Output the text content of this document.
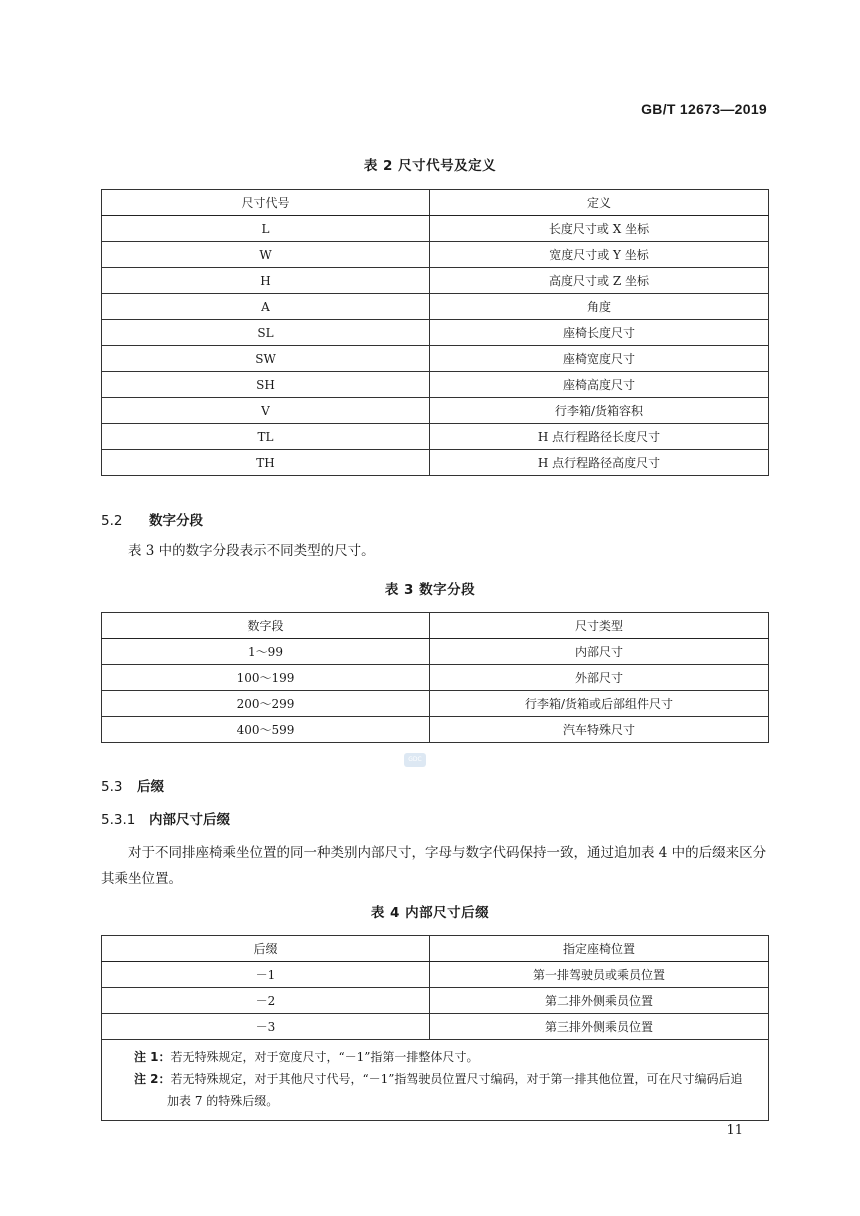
GB/T 12673—2019
表 2 尺寸代号及定义
尺寸代号	定义
L	长度尺寸或 X 坐标
W	宽度尺寸或 Y 坐标
H	高度尺寸或 Z 坐标
A	角度
SL	座椅长度尺寸
SW	座椅宽度尺寸
SH	座椅高度尺寸
V	行李箱/货箱容积
TL	H 点行程路径长度尺寸
TH	H 点行程路径高度尺寸
5.2 数字分段
表 3 中的数字分段表示不同类型的尺寸。
表 3 数字分段
数字段	尺寸类型
1～99	内部尺寸
100～199	外部尺寸
200～299	行李箱/货箱或后部组件尺寸
400～599	汽车特殊尺寸
GDC
5.3 后缀
5.3.1 内部尺寸后缀
对于不同排座椅乘坐位置的同一种类别内部尺寸，字母与数字代码保持一致，通过追加表 4 中的后缀来区分其乘坐位置。
表 4 内部尺寸后缀
后缀	指定座椅位置
－1	第一排驾驶员或乘员位置
－2	第二排外侧乘员位置
－3	第三排外侧乘员位置

注 1：若无特殊规定，对于宽度尺寸，“－1”指第一排整体尺寸。
注 2：若无特殊规定，对于其他尺寸代号，“－1”指驾驶员位置尺寸编码，对于第一排其他位置，可在尺寸编码后追
加表 7 的特殊后缀。	
11
